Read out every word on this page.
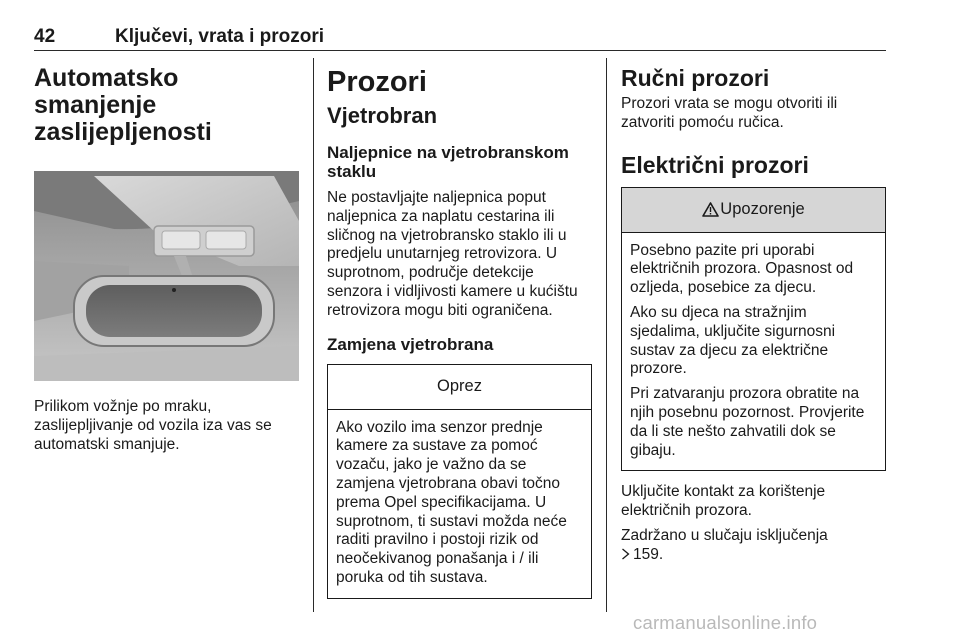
42	Ključevi, vrata i prozori
Automatsko smanjenje zaslijepljenosti

Prilikom vožnje po mraku, zaslijepljivanje od vozila iza vas se automatski smanjuje.

Prozori
Vjetrobran
Naljepnice na vjetrobranskom staklu

Ne postavljajte naljepnica poput naljepnica za naplatu cestarina ili sličnog na vjetrobransko staklo ili u predjelu unutarnjeg retrovizora. U suprotnom, područje detekcije senzora i vidljivosti kamere u kućištu retrovizora mogu biti ograničena.

Zamjena vjetrobrana
Oprez

Ako vozilo ima senzor prednje kamere za sustave za pomoć vozaču, jako je važno da se zamjena vjetrobrana obavi točno prema Opel specifikacijama. U suprotnom, ti sustavi možda neće raditi pravilno i postoji rizik od neočekivanog ponašanja i / ili poruka od tih sustava.

Ručni prozori

Prozori vrata se mogu otvoriti ili zatvoriti pomoću ručica.

Električni prozori
Upozorenje

Posebno pazite pri uporabi električnih prozora. Opasnost od ozljeda, posebice za djecu.

Ako su djeca na stražnjim sjedalima, uključite sigurnosni sustav za djecu za električne prozore.

Pri zatvaranju prozora obratite na njih posebnu pozornost. Provjerite da li ste nešto zahvatili dok se gibaju.

Uključite kontakt za korištenje električnih prozora.

Zadržano u slučaju isključenja

159.

carmanualsonline.info
